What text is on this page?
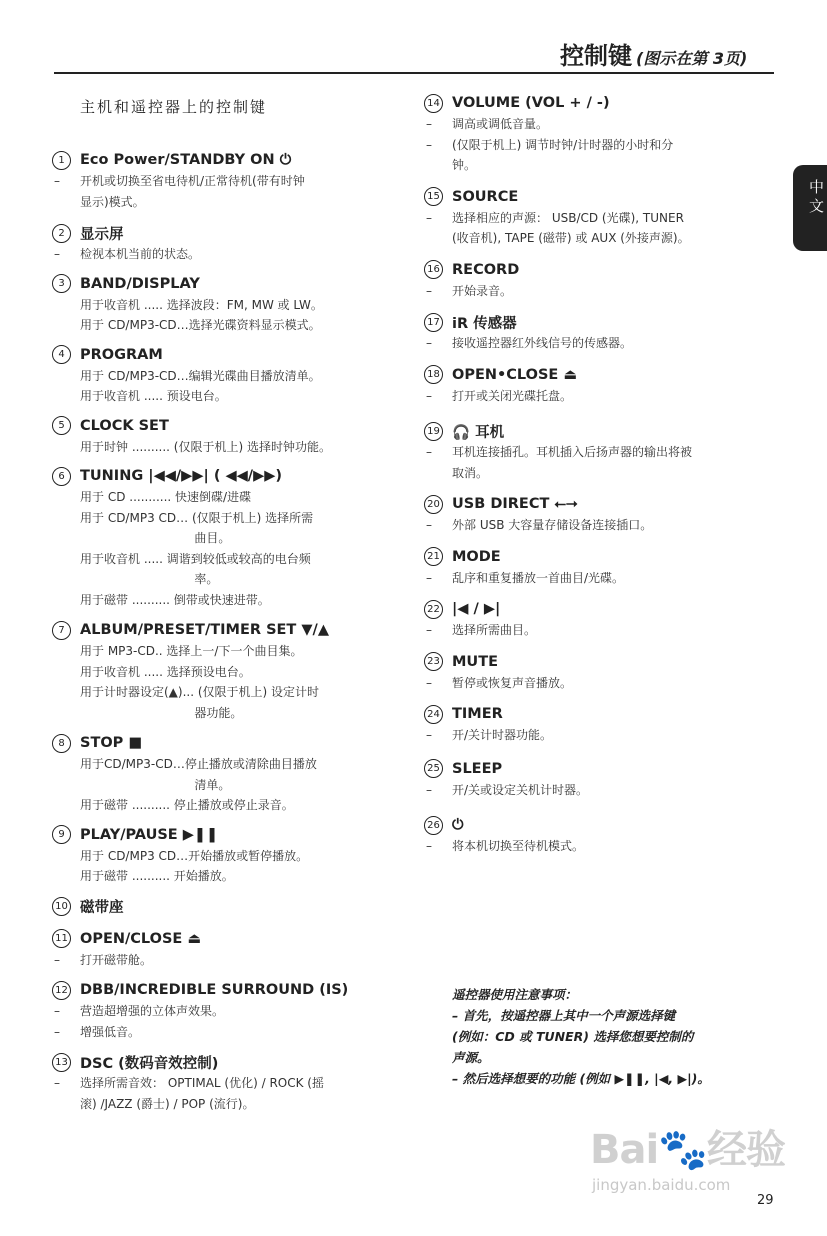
控制键 (图示在第 3页)
中文
主机和遥控器上的控制键
1	Eco Power/STANDBY ON ⏻
– 开机或切换至省电待机/正常待机(带有时钟
显示)模式。
2	显示屏
– 检视本机当前的状态。
3	BAND/DISPLAY
用于收音机 ..... 选择波段：FM, MW 或 LW。
用于 CD/MP3-CD…选择光碟资料显示模式。
4	PROGRAM
用于 CD/MP3-CD…编辑光碟曲目播放清单。
用于收音机 ..... 预设电台。
5	CLOCK SET
用于时钟 .......... (仅限于机上) 选择时钟功能。
6	TUNING |◀◀/▶▶| ( ◀◀/▶▶)
用于 CD ........... 快速倒碟/进碟
用于 CD/MP3 CD… (仅限于机上) 选择所需
曲目。
用于收音机 ..... 调谐到较低或较高的电台频
率。
用于磁带 .......... 倒带或快速进带。
7	ALBUM/PRESET/TIMER SET ▼/▲
用于 MP3-CD.. 选择上一/下一个曲目集。
用于收音机 ..... 选择预设电台。
用于计时器设定(▲)... (仅限于机上) 设定计时
器功能。
8	STOP ■
用于CD/MP3-CD…停止播放或清除曲目播放
清单。
用于磁带 .......... 停止播放或停止录音。
9	PLAY/PAUSE ▶❚❚
用于 CD/MP3 CD…开始播放或暂停播放。
用于磁带 .......... 开始播放。
10 磁带座
11 OPEN/CLOSE ⏏
– 打开磁带舱。
12 DBB/INCREDIBLE SURROUND (IS)
– 营造超增强的立体声效果。
– 增强低音。
13 DSC (数码音效控制)
– 选择所需音效： OPTIMAL (优化) / ROCK (摇
滚) /JAZZ (爵士) / POP (流行)。
14 VOLUME (VOL + / -)
– 调高或调低音量。
– (仅限于机上) 调节时钟/计时器的小时和分
钟。
15 SOURCE
– 选择相应的声源： USB/CD (光碟), TUNER
(收音机), TAPE (磁带) 或 AUX (外接声源)。
16 RECORD
– 开始录音。
17 iR 传感器
– 接收遥控器红外线信号的传感器。
18 OPEN•CLOSE ⏏
– 打开或关闭光碟托盘。
19 🎧 耳机
– 耳机连接插孔。耳机插入后扬声器的输出将被
取消。
20 USB DIRECT ⭠⭢
– 外部 USB 大容量存储设备连接插口。
21 MODE
– 乱序和重复播放一首曲目/光碟。
22 |◀ / ▶|
– 选择所需曲目。
23 MUTE
– 暂停或恢复声音播放。
24 TIMER
– 开/关计时器功能。
25 SLEEP
– 开/关或设定关机计时器。
26 ⏻
– 将本机切换至待机模式。
遥控器使用注意事项：
– 首先，按遥控器上其中一个声源选择键
(例如：CD 或 TUNER) 选择您想要控制的
声源。
– 然后选择想要的功能 (例如 ▶❚❚, |◀, ▶|)。
Bai🐾经验
jingyan.baidu.com
29
